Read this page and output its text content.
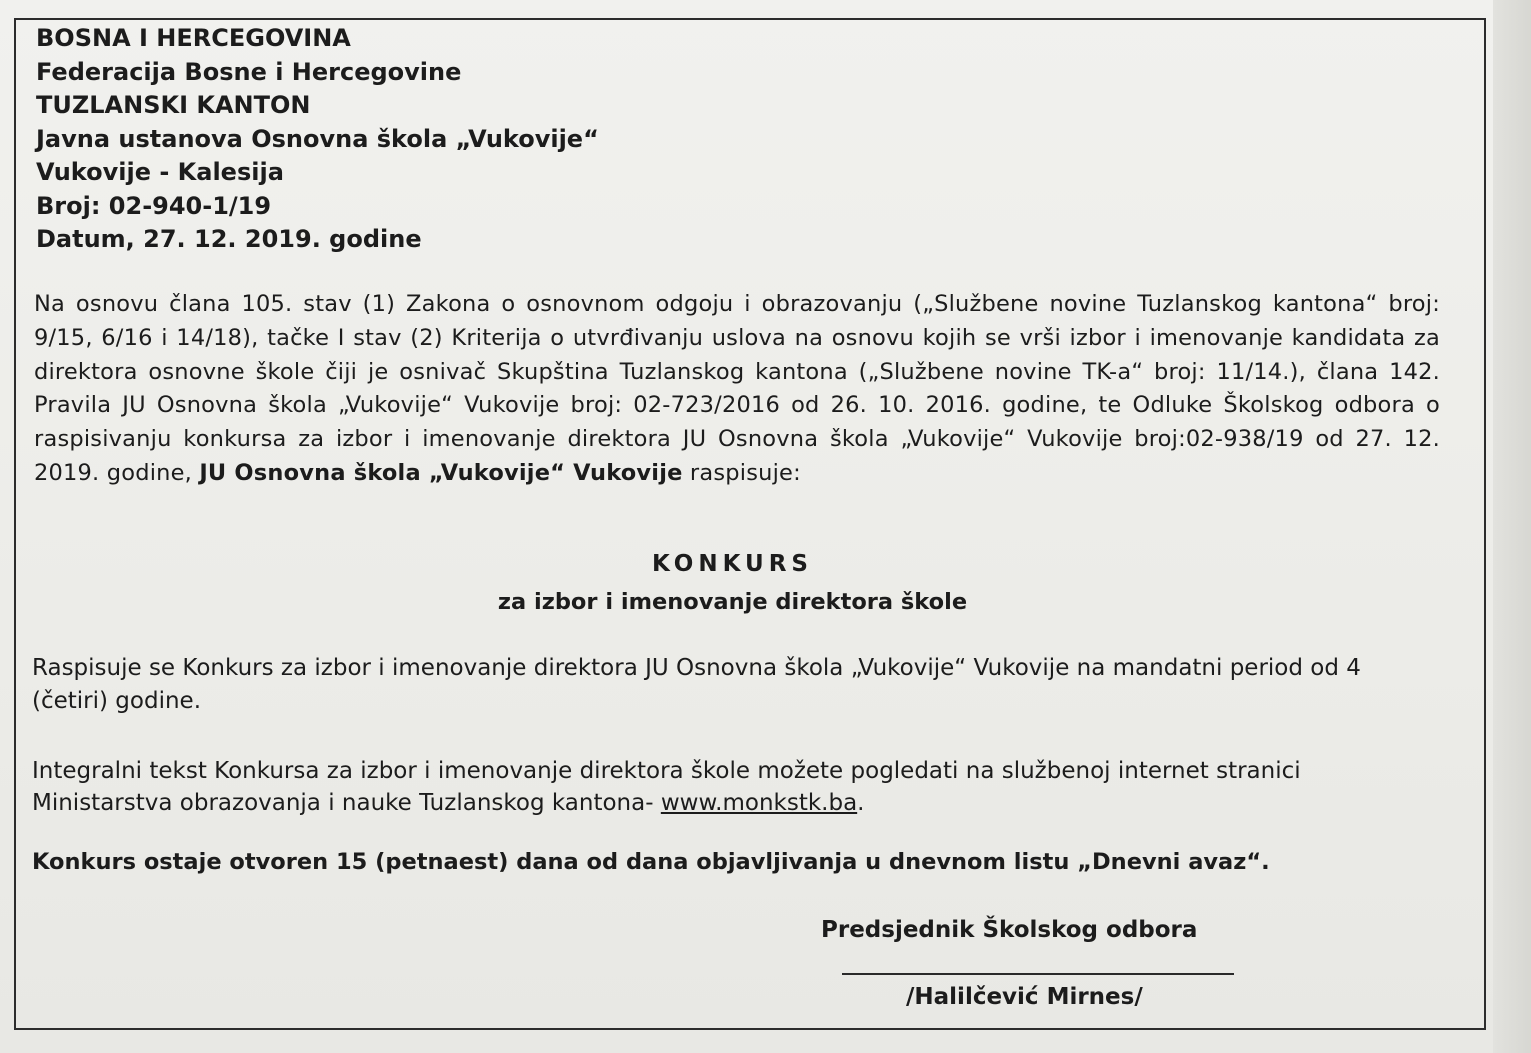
BOSNA I HERCEGOVINA
Federacija Bosne i Hercegovine
TUZLANSKI KANTON
Javna ustanova Osnovna škola „Vukovije“
Vukovije - Kalesija
Broj: 02-940-1/19
Datum, 27. 12. 2019. godine
Na osnovu člana 105. stav (1) Zakona o osnovnom odgoju i obrazovanju („Službene novine Tuzlanskog kantona“ broj: 9/15, 6/16 i 14/18), tačke I stav (2) Kriterija o utvrđivanju uslova na osnovu kojih se vrši izbor i imenovanje kandidata za direktora osnovne škole čiji je osnivač Skupština Tuzlanskog kantona („Službene novine TK-a“ broj: 11/14.), člana 142. Pravila JU Osnovna škola „Vukovije“ Vukovije broj: 02-723/2016 od 26. 10. 2016. godine, te Odluke Školskog odbora o raspisivanju konkursa za izbor i imenovanje direktora JU Osnovna škola „Vukovije“ Vukovije broj:02-938/19 od 27. 12. 2019. godine, JU Osnovna škola „Vukovije“ Vukovije raspisuje:
KONKURS
za izbor i imenovanje direktora škole
Raspisuje se Konkurs za izbor i imenovanje direktora JU Osnovna škola „Vukovije“ Vukovije na mandatni period od 4 (četiri) godine.
Integralni tekst Konkursa za izbor i imenovanje direktora škole možete pogledati na službenoj internet stranici Ministarstva obrazovanja i nauke Tuzlanskog kantona- www.monkstk.ba.
Konkurs ostaje otvoren 15 (petnaest) dana od dana objavljivanja u dnevnom listu „Dnevni avaz“.
Predsjednik Školskog odbora
/Halilčević Mirnes/
